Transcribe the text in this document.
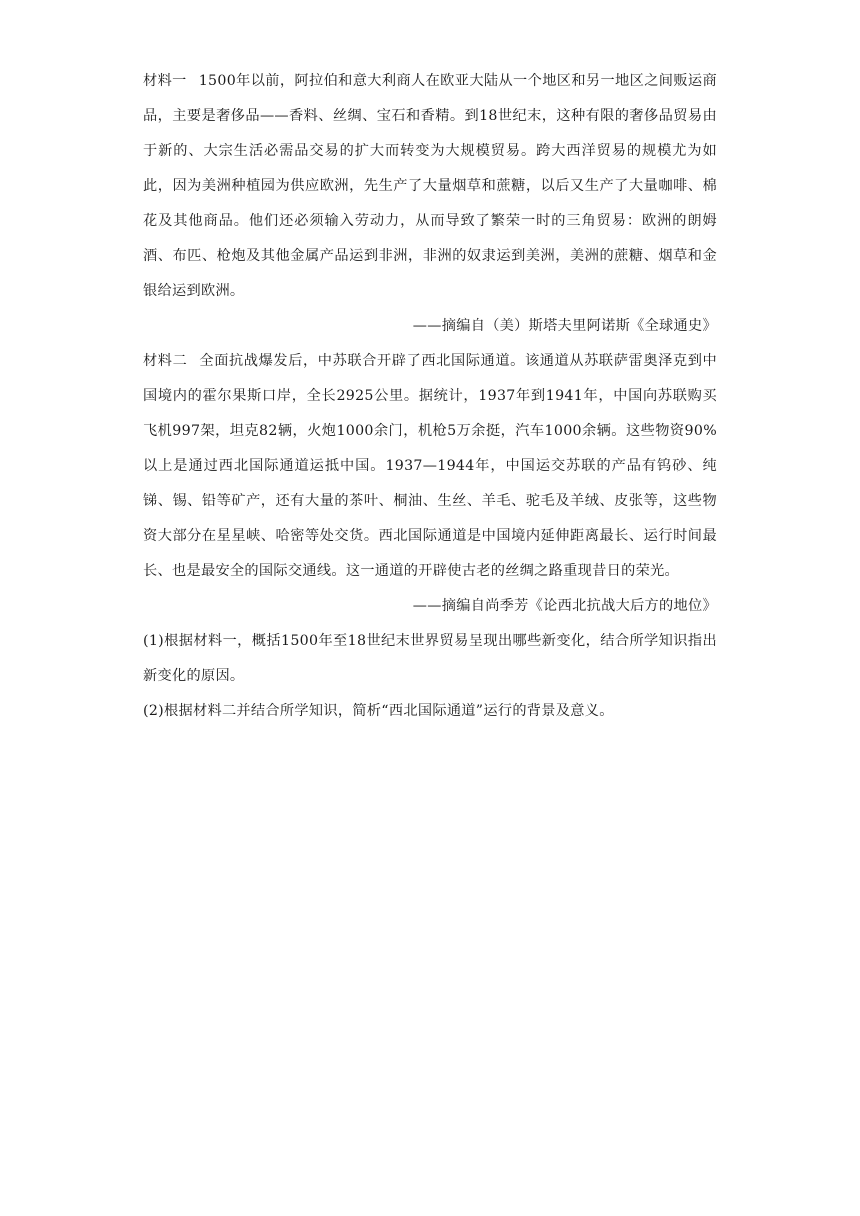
材料一 1500年以前，阿拉伯和意大利商人在欧亚大陆从一个地区和另一地区之间贩运商品，主要是奢侈品——香料、丝绸、宝石和香精。到18世纪末，这种有限的奢侈品贸易由于新的、大宗生活必需品交易的扩大而转变为大规模贸易。跨大西洋贸易的规模尤为如此，因为美洲种植园为供应欧洲，先生产了大量烟草和蔗糖，以后又生产了大量咖啡、棉花及其他商品。他们还必须输入劳动力，从而导致了繁荣一时的三角贸易：欧洲的朗姆酒、布匹、枪炮及其他金属产品运到非洲，非洲的奴隶运到美洲，美洲的蔗糖、烟草和金银给运到欧洲。

——摘编自（美）斯塔夫里阿诺斯《全球通史》

材料二 全面抗战爆发后，中苏联合开辟了西北国际通道。该通道从苏联萨雷奥泽克到中国境内的霍尔果斯口岸，全长2925公里。据统计，1937年到1941年，中国向苏联购买飞机997架，坦克82辆，火炮1000余门，机枪5万余挺，汽车1000余辆。这些物资90%以上是通过西北国际通道运抵中国。1937—1944年，中国运交苏联的产品有钨砂、纯锑、锡、铅等矿产，还有大量的茶叶、桐油、生丝、羊毛、驼毛及羊绒、皮张等，这些物资大部分在星星峡、哈密等处交货。西北国际通道是中国境内延伸距离最长、运行时间最长、也是最安全的国际交通线。这一通道的开辟使古老的丝绸之路重现昔日的荣光。

——摘编自尚季芳《论西北抗战大后方的地位》

(1)根据材料一，概括1500年至18世纪末世界贸易呈现出哪些新变化，结合所学知识指出新变化的原因。

(2)根据材料二并结合所学知识，简析“西北国际通道”运行的背景及意义。
